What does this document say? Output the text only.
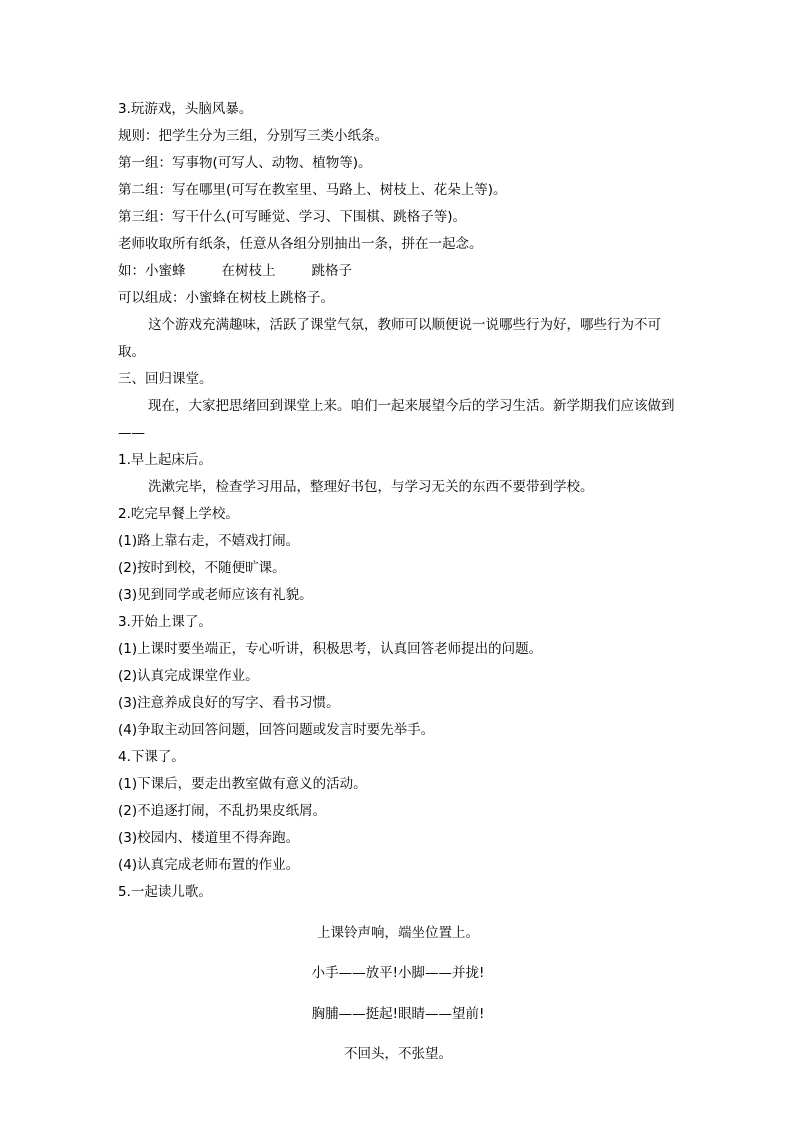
3.玩游戏，头脑风暴。

规则：把学生分为三组，分别写三类小纸条。

第一组：写事物(可写人、动物、植物等)。

第二组：写在哪里(可写在教室里、马路上、树枝上、花朵上等)。

第三组：写干什么(可写睡觉、学习、下围棋、跳格子等)。

老师收取所有纸条，任意从各组分别抽出一条，拼在一起念。

如：小蜜蜂	在树枝上	跳格子

可以组成：小蜜蜂在树枝上跳格子。

这个游戏充满趣味，活跃了课堂气氛，教师可以顺便说一说哪些行为好，哪些行为不可取。

三、回归课堂。

现在，大家把思绪回到课堂上来。咱们一起来展望今后的学习生活。新学期我们应该做到——

1.早上起床后。

洗漱完毕，检查学习用品，整理好书包，与学习无关的东西不要带到学校。

2.吃完早餐上学校。

(1)路上靠右走，不嬉戏打闹。

(2)按时到校，不随便旷课。

(3)见到同学或老师应该有礼貌。

3.开始上课了。

(1)上课时要坐端正，专心听讲，积极思考，认真回答老师提出的问题。

(2)认真完成课堂作业。

(3)注意养成良好的写字、看书习惯。

(4)争取主动回答问题，回答问题或发言时要先举手。

4.下课了。

(1)下课后，要走出教室做有意义的活动。

(2)不追逐打闹，不乱扔果皮纸屑。

(3)校园内、楼道里不得奔跑。

(4)认真完成老师布置的作业。

5.一起读儿歌。

上课铃声响，端坐位置上。

小手——放平!小脚——并拢!

胸脯——挺起!眼睛——望前!

不回头，不张望。
